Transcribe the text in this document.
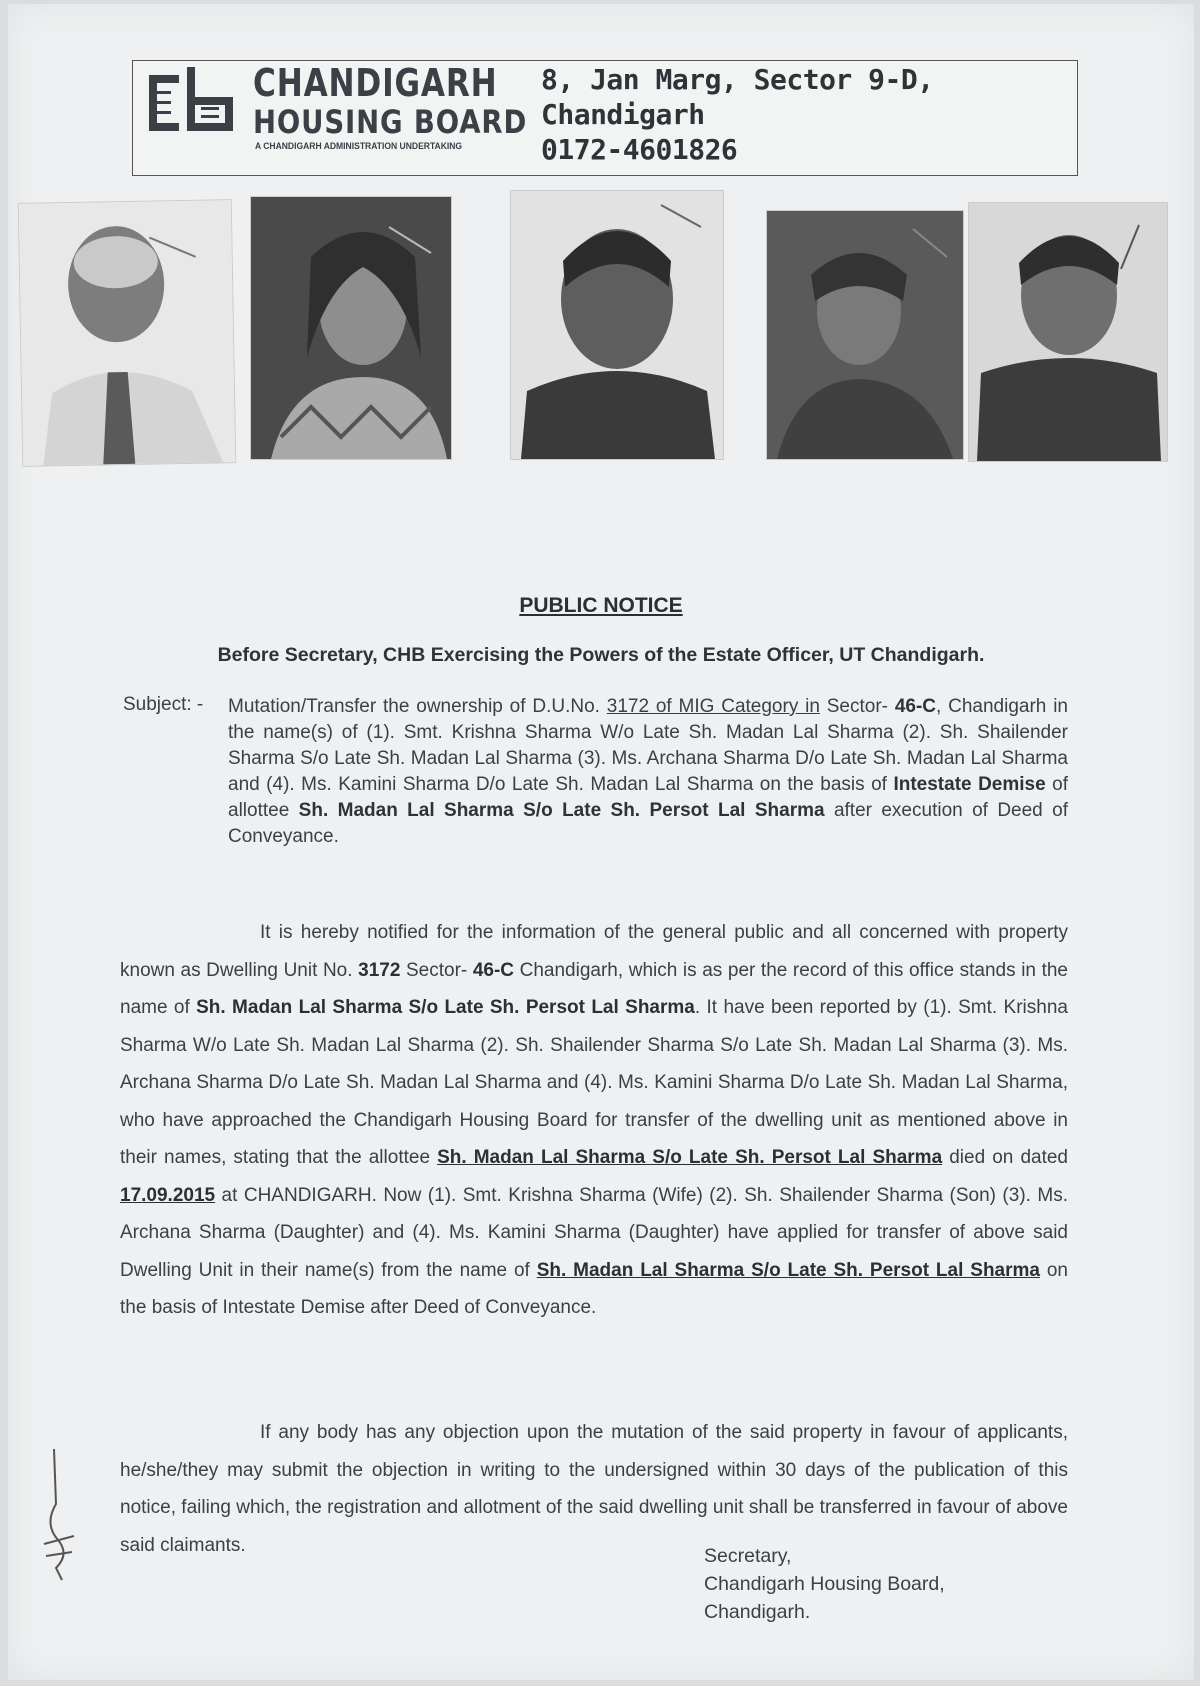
CHANDIGARH
HOUSING BOARD
A CHANDIGARH ADMINISTRATION UNDERTAKING
8, Jan Marg, Sector 9-D,
Chandigarh
0172-4601826
PUBLIC NOTICE
Before Secretary, CHB Exercising the Powers of the Estate Officer, UT Chandigarh.
Subject: - Mutation/Transfer the ownership of D.U.No. 3172 of MIG Category in Sector- 46-C, Chandigarh in the name(s) of (1). Smt. Krishna Sharma W/o Late Sh. Madan Lal Sharma (2). Sh. Shailender Sharma S/o Late Sh. Madan Lal Sharma (3). Ms. Archana Sharma D/o Late Sh. Madan Lal Sharma and (4). Ms. Kamini Sharma D/o Late Sh. Madan Lal Sharma on the basis of Intestate Demise of allottee Sh. Madan Lal Sharma S/o Late Sh. Persot Lal Sharma after execution of Deed of Conveyance.
It is hereby notified for the information of the general public and all concerned with property known as Dwelling Unit No. 3172 Sector- 46-C Chandigarh, which is as per the record of this office stands in the name of Sh. Madan Lal Sharma S/o Late Sh. Persot Lal Sharma. It have been reported by (1). Smt. Krishna Sharma W/o Late Sh. Madan Lal Sharma (2). Sh. Shailender Sharma S/o Late Sh. Madan Lal Sharma (3). Ms. Archana Sharma D/o Late Sh. Madan Lal Sharma and (4). Ms. Kamini Sharma D/o Late Sh. Madan Lal Sharma, who have approached the Chandigarh Housing Board for transfer of the dwelling unit as mentioned above in their names, stating that the allottee Sh. Madan Lal Sharma S/o Late Sh. Persot Lal Sharma died on dated 17.09.2015 at CHANDIGARH. Now (1). Smt. Krishna Sharma (Wife) (2). Sh. Shailender Sharma (Son) (3). Ms. Archana Sharma (Daughter) and (4). Ms. Kamini Sharma (Daughter) have applied for transfer of above said Dwelling Unit in their name(s) from the name of Sh. Madan Lal Sharma S/o Late Sh. Persot Lal Sharma on the basis of Intestate Demise after Deed of Conveyance.
If any body has any objection upon the mutation of the said property in favour of applicants, he/she/they may submit the objection in writing to the undersigned within 30 days of the publication of this notice, failing which, the registration and allotment of the said dwelling unit shall be transferred in favour of above said claimants.	Secretary,
Chandigarh Housing Board,
Chandigarh.
